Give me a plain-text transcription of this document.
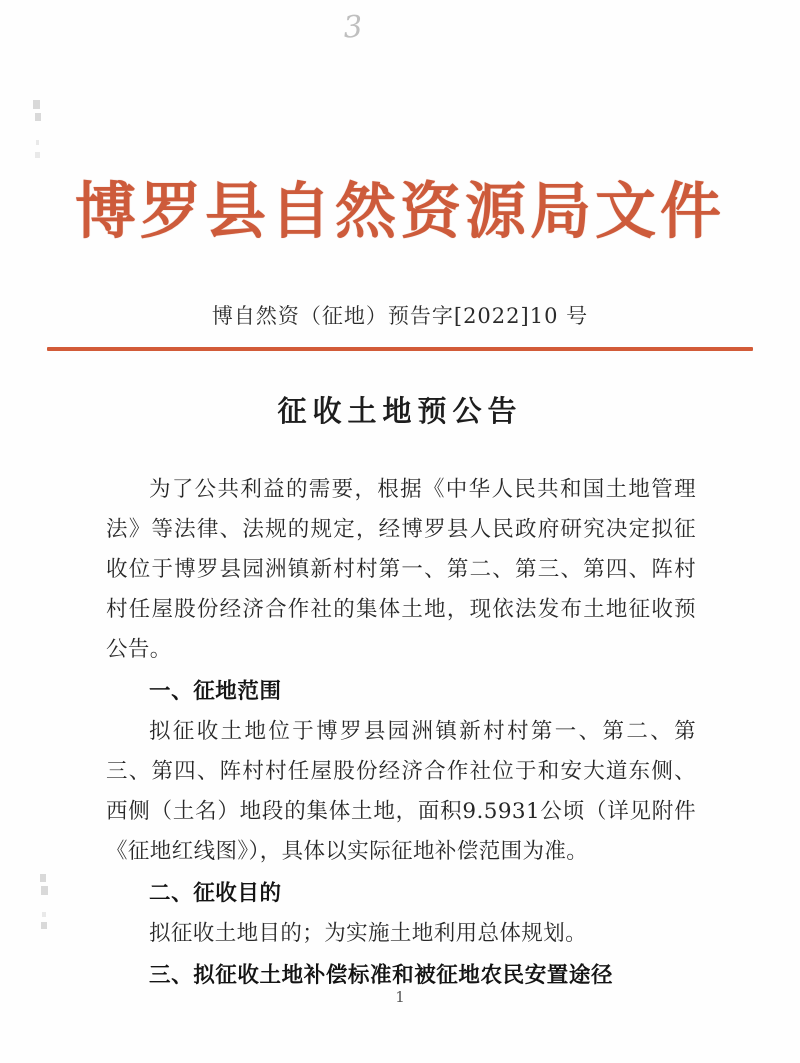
3
博罗县自然资源局文件
博自然资（征地）预告字[2022]10 号
征收土地预公告

为了公共利益的需要，根据《中华人民共和国土地管理法》等法律、法规的规定，经博罗县人民政府研究决定拟征收位于博罗县园洲镇新村村第一、第二、第三、第四、阵村村任屋股份经济合作社的集体土地，现依法发布土地征收预公告。

一、征地范围

拟征收土地位于博罗县园洲镇新村村第一、第二、第三、第四、阵村村任屋股份经济合作社位于和安大道东侧、西侧（土名）地段的集体土地，面积9.5931公顷（详见附件《征地红线图》），具体以实际征地补偿范围为准。

二、征收目的

拟征收土地目的；为实施土地利用总体规划。

三、拟征收土地补偿标准和被征地农民安置途径

1
